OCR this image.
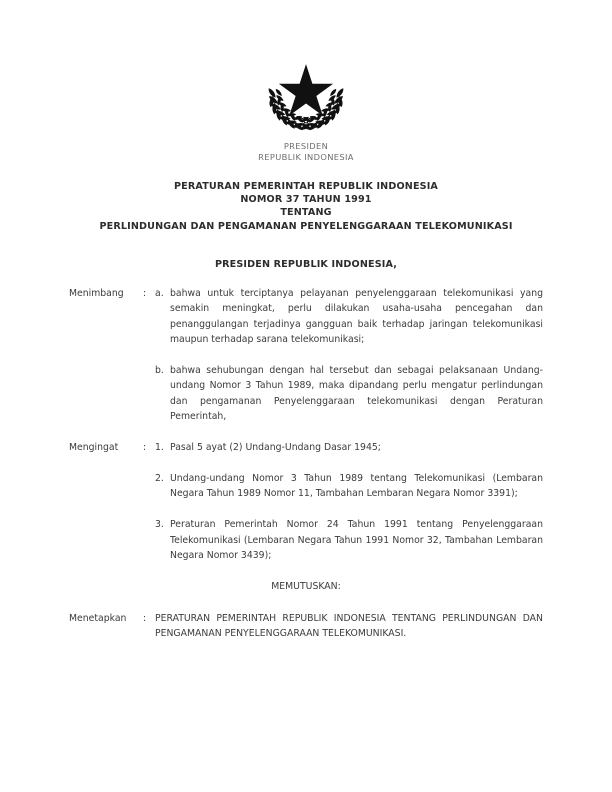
PRESIDEN
REPUBLIK INDONESIA
PERATURAN PEMERINTAH REPUBLIK INDONESIA
NOMOR 37 TAHUN 1991
TENTANG
PERLINDUNGAN DAN PENGAMANAN PENYELENGGARAAN TELEKOMUNIKASI
PRESIDEN REPUBLIK INDONESIA,
Menimbang	: a. bahwa untuk terciptanya pelayanan penyelenggaraan telekomunikasi yang semakin meningkat, perlu dilakukan usaha-usaha pencegahan dan penanggulangan terjadinya gangguan baik terhadap jaringan telekomunikasi maupun terhadap sarana telekomunikasi;
b. bahwa sehubungan dengan hal tersebut dan sebagai pelaksanaan Undang-undang Nomor 3 Tahun 1989, maka dipandang perlu mengatur perlindungan dan pengamanan Penyelenggaraan telekomunikasi dengan Peraturan Pemerintah,
Mengingat	: 1. Pasal 5 ayat (2) Undang-Undang Dasar 1945;
2. Undang-undang Nomor 3 Tahun 1989 tentang Telekomunikasi (Lembaran Negara Tahun 1989 Nomor 11, Tambahan Lembaran Negara Nomor 3391);
3. Peraturan Pemerintah Nomor 24 Tahun 1991 tentang Penyelenggaraan Telekomunikasi (Lembaran Negara Tahun 1991 Nomor 32, Tambahan Lembaran Negara Nomor 3439);
MEMUTUSKAN:
Menetapkan	: PERATURAN PEMERINTAH REPUBLIK INDONESIA TENTANG PERLINDUNGAN DAN PENGAMANAN PENYELENGGARAAN TELEKOMUNIKASI.
